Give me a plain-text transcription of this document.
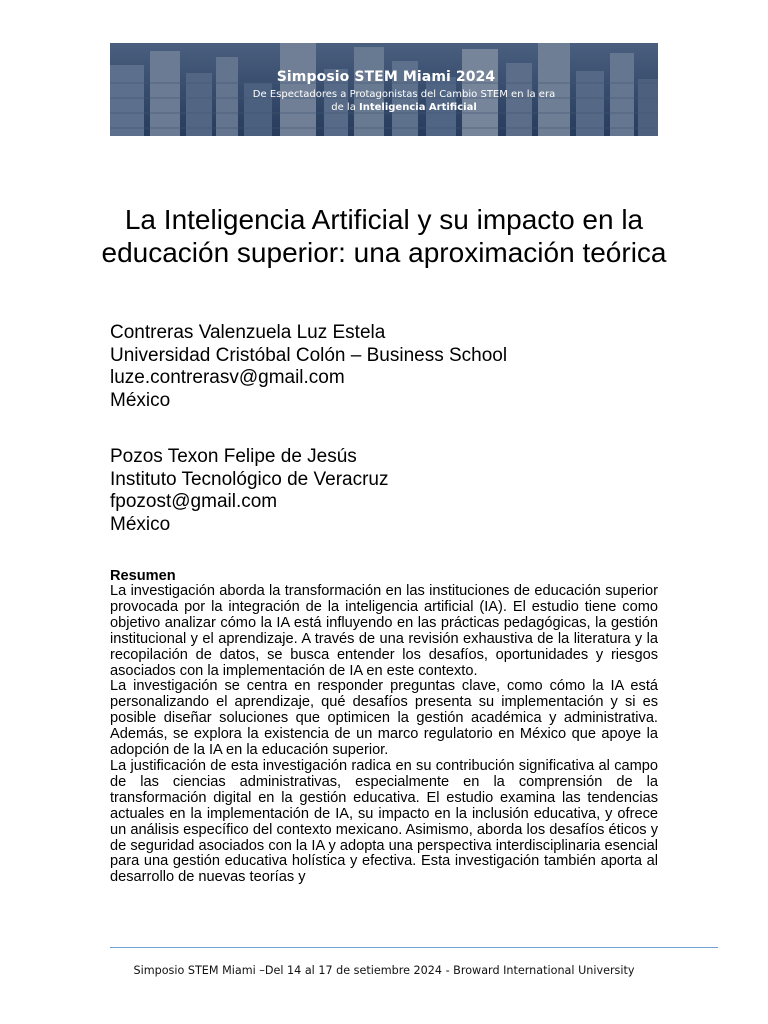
Simposio STEM Miami 2024
De Espectadores a Protagonistas del Cambio STEM en la era
de la Inteligencia Artificial
La Inteligencia Artificial y su impacto en la educación superior: una aproximación teórica
Contreras Valenzuela Luz Estela
Universidad Cristóbal Colón – Business School
luze.contrerasv@gmail.com
México
Pozos Texon Felipe de Jesús
Instituto Tecnológico de Veracruz
fpozost@gmail.com
México
Resumen

La investigación aborda la transformación en las instituciones de educación superior provocada por la integración de la inteligencia artificial (IA). El estudio tiene como objetivo analizar cómo la IA está influyendo en las prácticas pedagógicas, la gestión institucional y el aprendizaje. A través de una revisión exhaustiva de la literatura y la recopilación de datos, se busca entender los desafíos, oportunidades y riesgos asociados con la implementación de IA en este contexto.

La investigación se centra en responder preguntas clave, como cómo la IA está personalizando el aprendizaje, qué desafíos presenta su implementación y si es posible diseñar soluciones que optimicen la gestión académica y administrativa. Además, se explora la existencia de un marco regulatorio en México que apoye la adopción de la IA en la educación superior.

La justificación de esta investigación radica en su contribución significativa al campo de las ciencias administrativas, especialmente en la comprensión de la transformación digital en la gestión educativa. El estudio examina las tendencias actuales en la implementación de IA, su impacto en la inclusión educativa, y ofrece un análisis específico del contexto mexicano. Asimismo, aborda los desafíos éticos y de seguridad asociados con la IA y adopta una perspectiva interdisciplinaria esencial para una gestión educativa holística y efectiva. Esta investigación también aporta al desarrollo de nuevas teorías y

Simposio STEM Miami –Del 14 al 17 de setiembre 2024 - Broward International University
